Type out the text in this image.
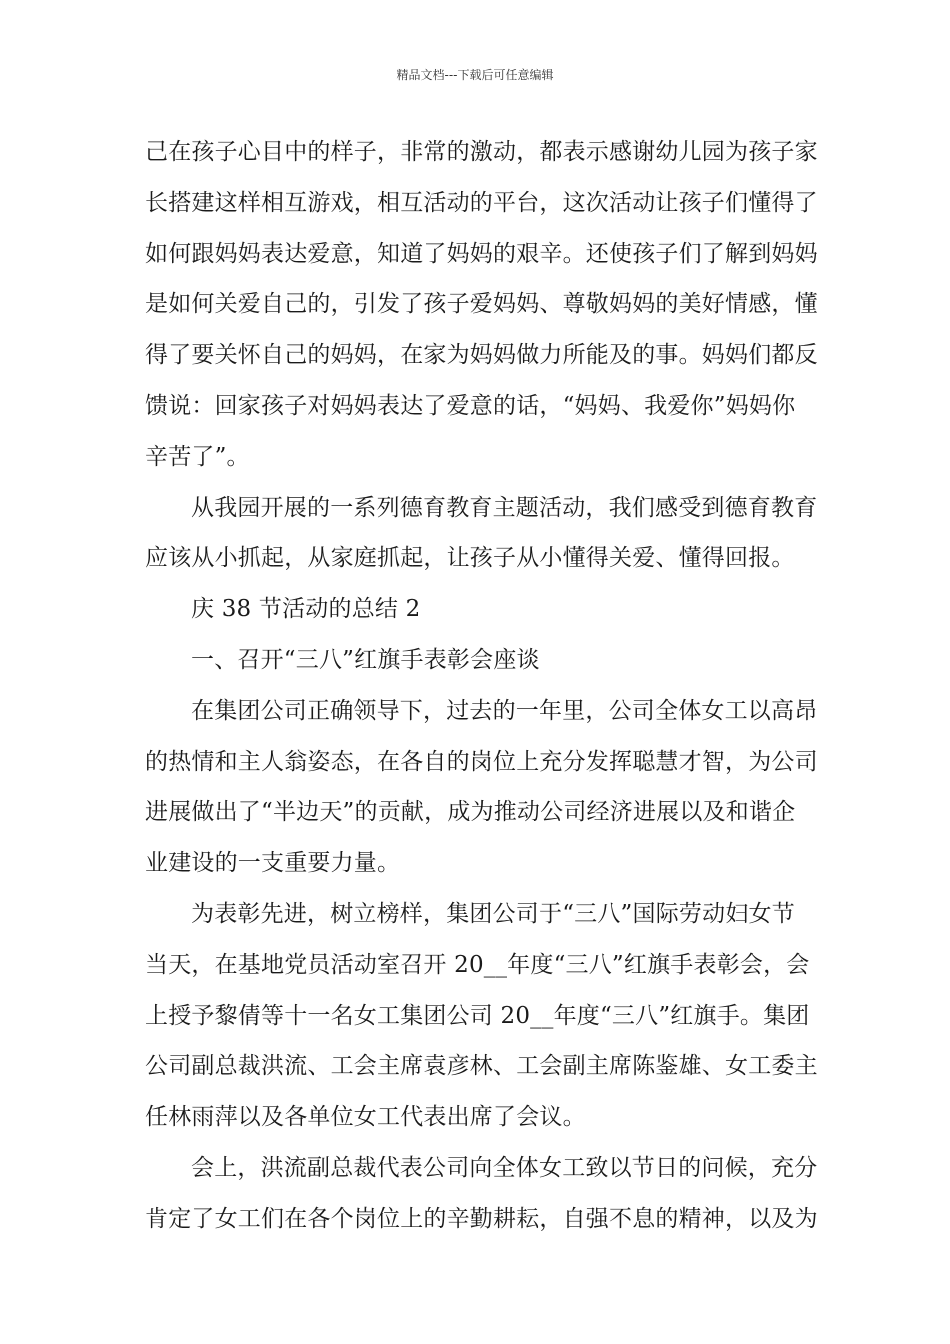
精品文档---下载后可任意编辑

己在孩子心目中的样子，非常的激动，都表示感谢幼儿园为孩子家
长搭建这样相互游戏，相互活动的平台，这次活动让孩子们懂得了
如何跟妈妈表达爱意，知道了妈妈的艰辛。还使孩子们了解到妈妈
是如何关爱自己的，引发了孩子爱妈妈、尊敬妈妈的美好情感，懂
得了要关怀自己的妈妈，在家为妈妈做力所能及的事。妈妈们都反
馈说：回家孩子对妈妈表达了爱意的话，“妈妈、我爱你”妈妈你
辛苦了”。

从我园开展的一系列德育教育主题活动，我们感受到德育教育
应该从小抓起，从家庭抓起，让孩子从小懂得关爱、懂得回报。

庆 38 节活动的总结 2

一、召开“三八”红旗手表彰会座谈

在集团公司正确领导下，过去的一年里，公司全体女工以高昂
的热情和主人翁姿态，在各自的岗位上充分发挥聪慧才智，为公司
进展做出了“半边天”的贡献，成为推动公司经济进展以及和谐企
业建设的一支重要力量。

为表彰先进，树立榜样，集团公司于“三八”国际劳动妇女节
当天，在基地党员活动室召开 20__年度“三八”红旗手表彰会，会
上授予黎倩等十一名女工集团公司 20__年度“三八”红旗手。集团
公司副总裁洪流、工会主席袁彦林、工会副主席陈鉴雄、女工委主
任林雨萍以及各单位女工代表出席了会议。

会上，洪流副总裁代表公司向全体女工致以节日的问候，充分
肯定了女工们在各个岗位上的辛勤耕耘，自强不息的精神，以及为
